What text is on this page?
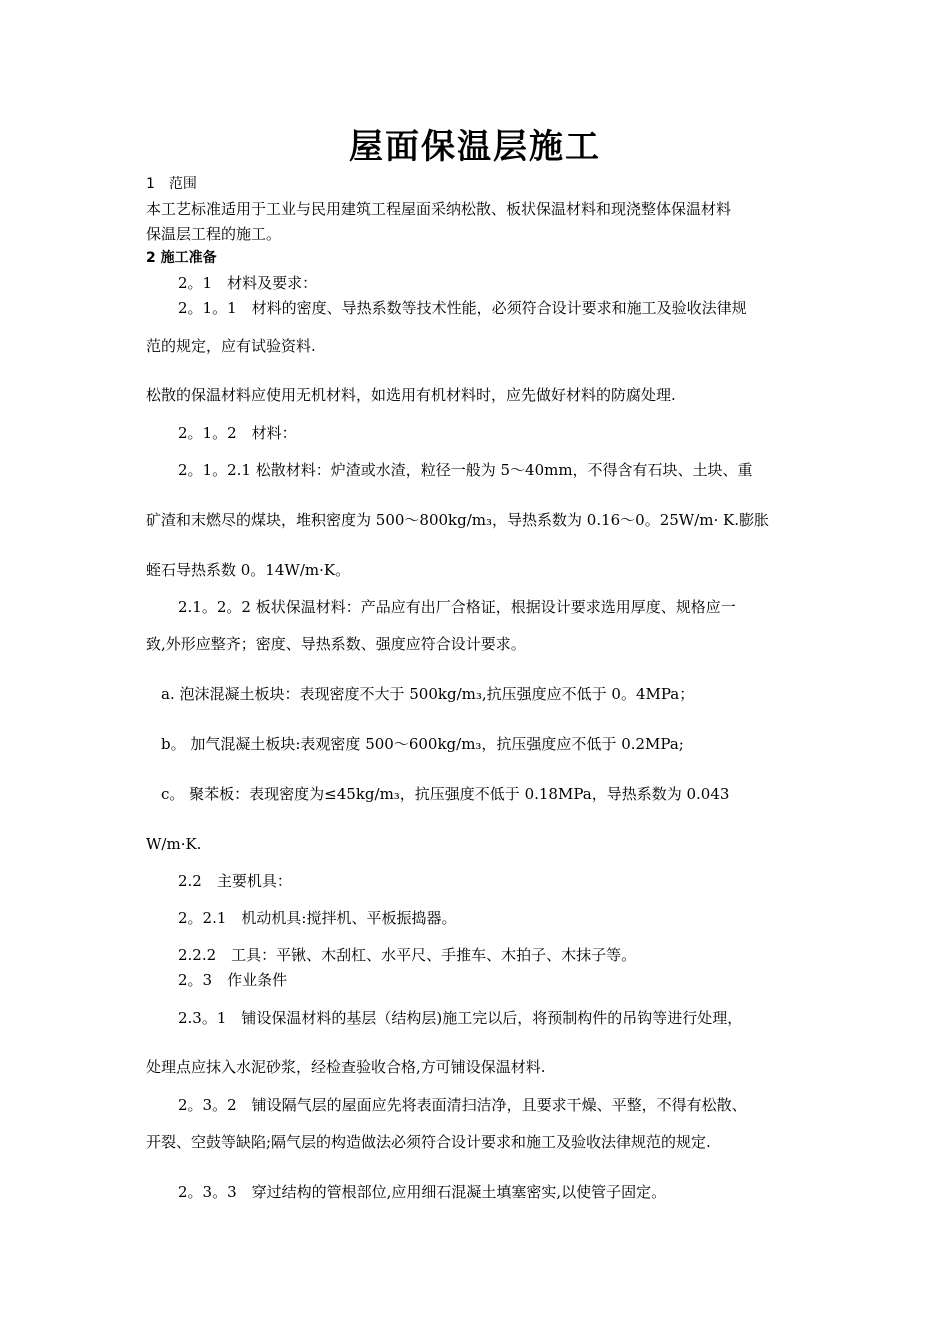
屋面保温层施工
1　范围
本工艺标准适用于工业与民用建筑工程屋面采纳松散、板状保温材料和现浇整体保温材料
保温层工程的施工。
2 施工准备
2。1　材料及要求：
2。1。1　材料的密度、导热系数等技术性能，必须符合设计要求和施工及验收法律规
范的规定，应有试验资料.
松散的保温材料应使用无机材料，如选用有机材料时，应先做好材料的防腐处理.
2。1。2　材料：
2。1。2.1 松散材料：炉渣或水渣，粒径一般为 5～40mm，不得含有石块、土块、重
矿渣和末燃尽的煤块，堆积密度为 500～800kg/m₃，导热系数为 0.16～0。25W/m· K.膨胀
蛭石导热系数 0。14W/m·K。
2.1。2。2 板状保温材料：产品应有出厂合格证，根据设计要求选用厚度、规格应一
致,外形应整齐；密度、导热系数、强度应符合设计要求。
a. 泡沫混凝土板块：表现密度不大于 500kg/m₃,抗压强度应不低于 0。4MPa；
b。 加气混凝土板块:表观密度 500～600kg/m₃，抗压强度应不低于 0.2MPa;
c。 聚苯板：表现密度为≤45kg/m₃，抗压强度不低于 0.18MPa，导热系数为 0.043
W/m·K.
2.2　主要机具：
2。2.1　机动机具:搅拌机、平板振捣器。
2.2.2　工具：平锹、木刮杠、水平尺、手推车、木拍子、木抹子等。
2。3　作业条件
2.3。1　铺设保温材料的基层（结构层)施工完以后，将预制构件的吊钩等进行处理，
处理点应抹入水泥砂浆，经检查验收合格,方可铺设保温材料.
2。3。2　铺设隔气层的屋面应先将表面清扫洁净，且要求干燥、平整，不得有松散、
开裂、空鼓等缺陷;隔气层的构造做法必须符合设计要求和施工及验收法律规范的规定.
2。3。3　穿过结构的管根部位,应用细石混凝土填塞密实,以使管子固定。
